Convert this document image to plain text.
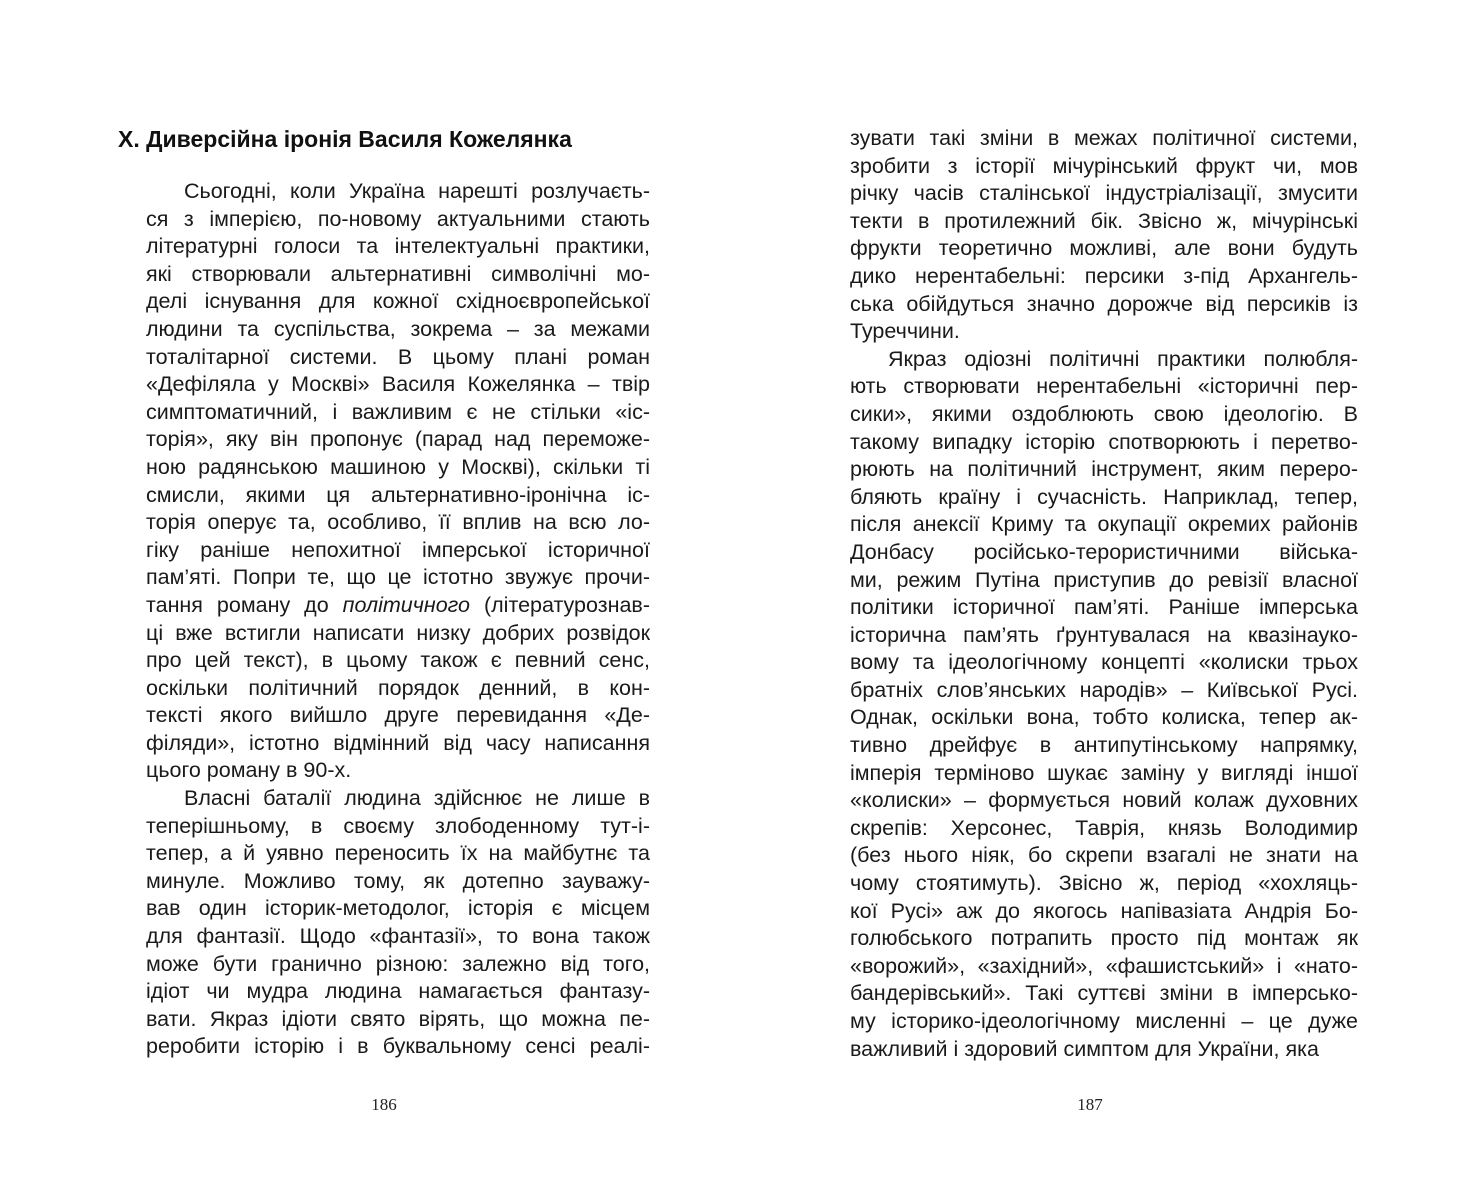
X. Диверсійна іронія Василя Кожелянка
Сьогодні, коли Україна нарешті розлучаєть-
ся з імперією, по-новому актуальними стають
літературні голоси та інтелектуальні практики,
які створювали альтернативні символічні мо-
делі існування для кожної східноєвропейської
людини та суспільства, зокрема – за межами
тоталітарної системи. В цьому плані роман
«Дефіляла у Москві» Василя Кожелянка – твір
симптоматичний, і важливим є не стільки «іс-
торія», яку він пропонує (парад над переможе-
ною радянською машиною у Москві), скільки ті
смисли, якими ця альтернативно-іронічна іс-
торія оперує та, особливо, її вплив на всю ло-
гіку раніше непохитної імперської історичної
пам’яті. Попри те, що це істотно звужує прочи-
тання роману до політичного (літературознав-
ці вже встигли написати низку добрих розвідок
про цей текст), в цьому також є певний сенс,
оскільки політичний порядок денний, в кон-
тексті якого вийшло друге перевидання «Де-
філяди», істотно відмінний від часу написання
цього роману в 90-х.
Власні баталії людина здійснює не лише в
теперішньому, в своєму злободенному тут-і-
тепер, а й уявно переносить їх на майбутнє та
минуле. Можливо тому, як дотепно зауважу-
вав один історик-методолог, історія є місцем
для фантазії. Щодо «фантазії», то вона також
може бути гранично різною: залежно від того,
ідіот чи мудра людина намагається фантазу-
вати. Якраз ідіоти свято вірять, що можна пе-
реробити історію і в буквальному сенсі реалі-
186
зувати такі зміни в межах політичної системи,
зробити з історії мічурінський фрукт чи, мов
річку часів сталінської індустріалізації, змусити
текти в протилежний бік. Звісно ж, мічурінські
фрукти теоретично можливі, але вони будуть
дико нерентабельні: персики з-під Архангель-
ська обійдуться значно дорожче від персиків із
Туреччини.
Якраз одіозні політичні практики полюбля-
ють створювати нерентабельні «історичні пер-
сики», якими оздоблюють свою ідеологію. В
такому випадку історію спотворюють і перетво-
рюють на політичний інструмент, яким переро-
бляють країну і сучасність. Наприклад, тепер,
після анексії Криму та окупації окремих районів
Донбасу російсько-терористичними військa-
ми, режим Путіна приступив до ревізії власної
політики історичної пам’яті. Раніше імперська
історична пам’ять ґрунтувалася на квазінауко-
вому та ідеологічному концепті «колиски трьох
братніх слов’янських народів» – Київської Русі.
Однак, оскільки вона, тобто колиска, тепер ак-
тивно дрейфує в антипутінському напрямку,
імперія терміново шукає заміну у вигляді іншої
«колиски» – формується новий колаж духовних
скрепів: Херсонес, Таврія, князь Володимир
(без нього ніяк, бо скрепи взагалі не знати на
чому стоятимуть). Звісно ж, період «хохляць-
кої Русі» аж до якогось напівазіата Андрія Бо-
голюбського потрапить просто під монтаж як
«ворожий», «західний», «фашистський» і «нато-
бандерівський». Такі суттєві зміни в імперсько-
му історико-ідеологічному мисленні – це дуже
важливий і здоровий симптом для України, яка
187
